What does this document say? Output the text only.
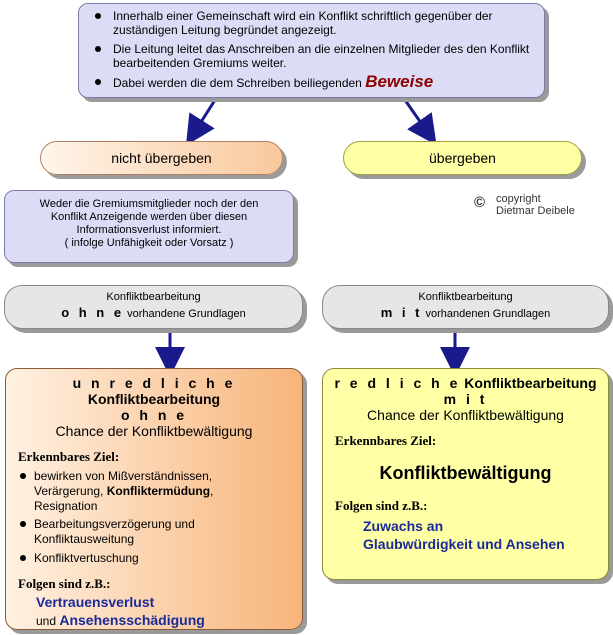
Innerhalb einer Gemeinschaft wird ein Konflikt schriftlich gegenüber der zuständigen Leitung begründet angezeigt.
Die Leitung leitet das Anschreiben an die einzelnen Mitglieder des den Konflikt bearbeitenden Gremiums weiter.
Dabei werden die dem Schreiben beiliegenden Beweise
nicht übergeben	übergeben
© copyright
Dietmar Deibele
Weder die Gremiumsmitglieder noch der den
Konflikt Anzeigende werden über diesen
Informationsverlust informiert.
( infolge Unfähigkeit oder Vorsatz )
Konfliktbearbeitung
o h n e vorhandene Grundlagen
Konfliktbearbeitung
m i t vorhandenen Grundlagen
u n r e d l i c h e Konfliktbearbeitung
o h n e
Chance der Konfliktbewältigung
Erkennbares Ziel:
bewirken von Mißverständnissen,
Verärgerung, Konfliktermüdung,
Resignation
Bearbeitungsverzögerung und Konfliktausweitung
Konfliktvertuschung
Folgen sind z.B.:
Vertrauensverlust
und Ansehensschädigung
r e d l i c h e Konfliktbearbeitung
m i t
Chance der Konfliktbewältigung
Erkennbares Ziel:
Konfliktbewältigung
Folgen sind z.B.:
Zuwachs an
Glaubwürdigkeit und Ansehen
